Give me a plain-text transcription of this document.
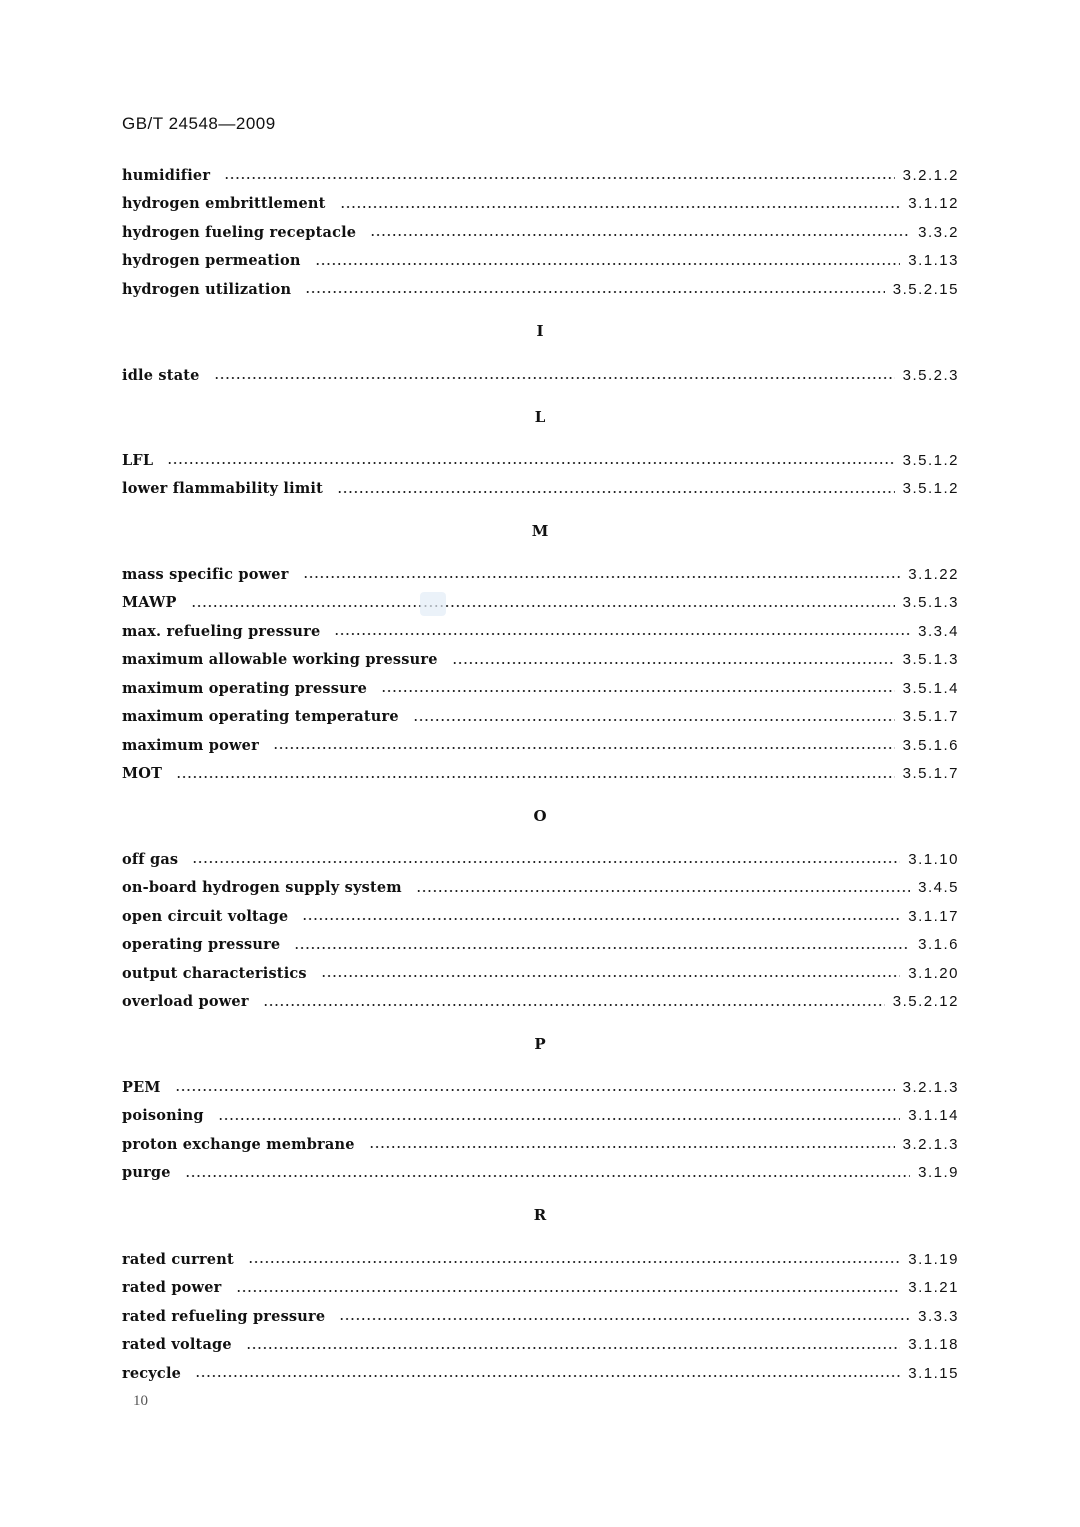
GB/T 24548—2009
humidifier	3.2.1.2
hydrogen embrittlement	3.1.12
hydrogen fueling receptacle	3.3.2
hydrogen permeation	3.1.13
hydrogen utilization	3.5.2.15
I
idle state	3.5.2.3
L
LFL	3.5.1.2
lower flammability limit	3.5.1.2
M
mass specific power	3.1.22
MAWP	3.5.1.3
max. refueling pressure	3.3.4
maximum allowable working pressure	3.5.1.3
maximum operating pressure	3.5.1.4
maximum operating temperature	3.5.1.7
maximum power	3.5.1.6
MOT	3.5.1.7
O
off gas	3.1.10
on-board hydrogen supply system	3.4.5
open circuit voltage	3.1.17
operating pressure	3.1.6
output characteristics	3.1.20
overload power	3.5.2.12
P
PEM	3.2.1.3
poisoning	3.1.14
proton exchange membrane	3.2.1.3
purge	3.1.9
R
rated current	3.1.19
rated power	3.1.21
rated refueling pressure	3.3.3
rated voltage	3.1.18
recycle	3.1.15
10
